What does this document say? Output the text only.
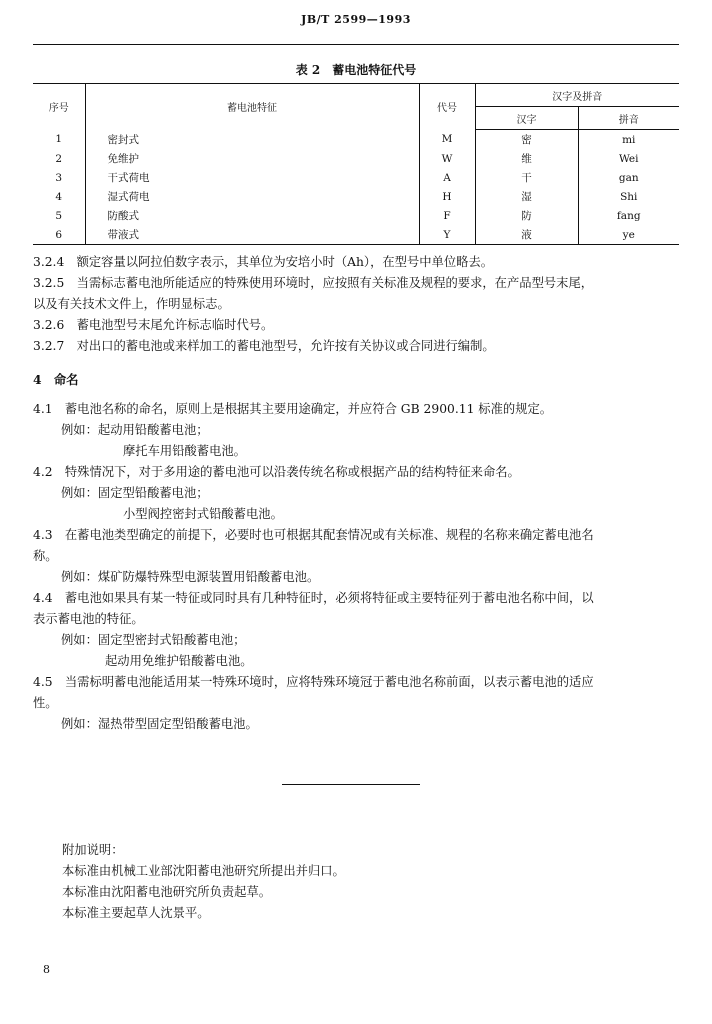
JB/T 2599—1993
表 2　蓄电池特征代号
序号	蓄电池特征	代号	汉字及拼音	
			汉字	拼音
1	密封式	M	密	mi
2	免维护	W	维	Wei
3	干式荷电	A	干	gan
4	湿式荷电	H	湿	Shi
5	防酸式	F	防	fang
6	带液式	Y	液	ye

3.2.4　额定容量以阿拉伯数字表示，其单位为安培小时（Ah），在型号中单位略去。

3.2.5　当需标志蓄电池所能适应的特殊使用环境时，应按照有关标准及规程的要求，在产品型号末尾，

以及有关技术文件上，作明显标志。

3.2.6　蓄电池型号末尾允许标志临时代号。

3.2.7　对出口的蓄电池或来样加工的蓄电池型号，允许按有关协议或合同进行编制。

4　命名

4.1　蓄电池名称的命名，原则上是根据其主要用途确定，并应符合 GB 2900.11 标准的规定。

例如：起动用铅酸蓄电池；

摩托车用铅酸蓄电池。

4.2　特殊情况下，对于多用途的蓄电池可以沿袭传统名称或根据产品的结构特征来命名。

例如：固定型铅酸蓄电池；

小型阀控密封式铅酸蓄电池。

4.3　在蓄电池类型确定的前提下，必要时也可根据其配套情况或有关标准、规程的名称来确定蓄电池名

称。

例如：煤矿防爆特殊型电源装置用铅酸蓄电池。

4.4　蓄电池如果具有某一特征或同时具有几种特征时，必须将特征或主要特征列于蓄电池名称中间，以

表示蓄电池的特征。

例如：固定型密封式铅酸蓄电池；

起动用免维护铅酸蓄电池。

4.5　当需标明蓄电池能适用某一特殊环境时，应将特殊环境冠于蓄电池名称前面，以表示蓄电池的适应

性。

例如：湿热带型固定型铅酸蓄电池。

附加说明：

本标准由机械工业部沈阳蓄电池研究所提出并归口。

本标准由沈阳蓄电池研究所负责起草。

本标准主要起草人沈景平。

8
